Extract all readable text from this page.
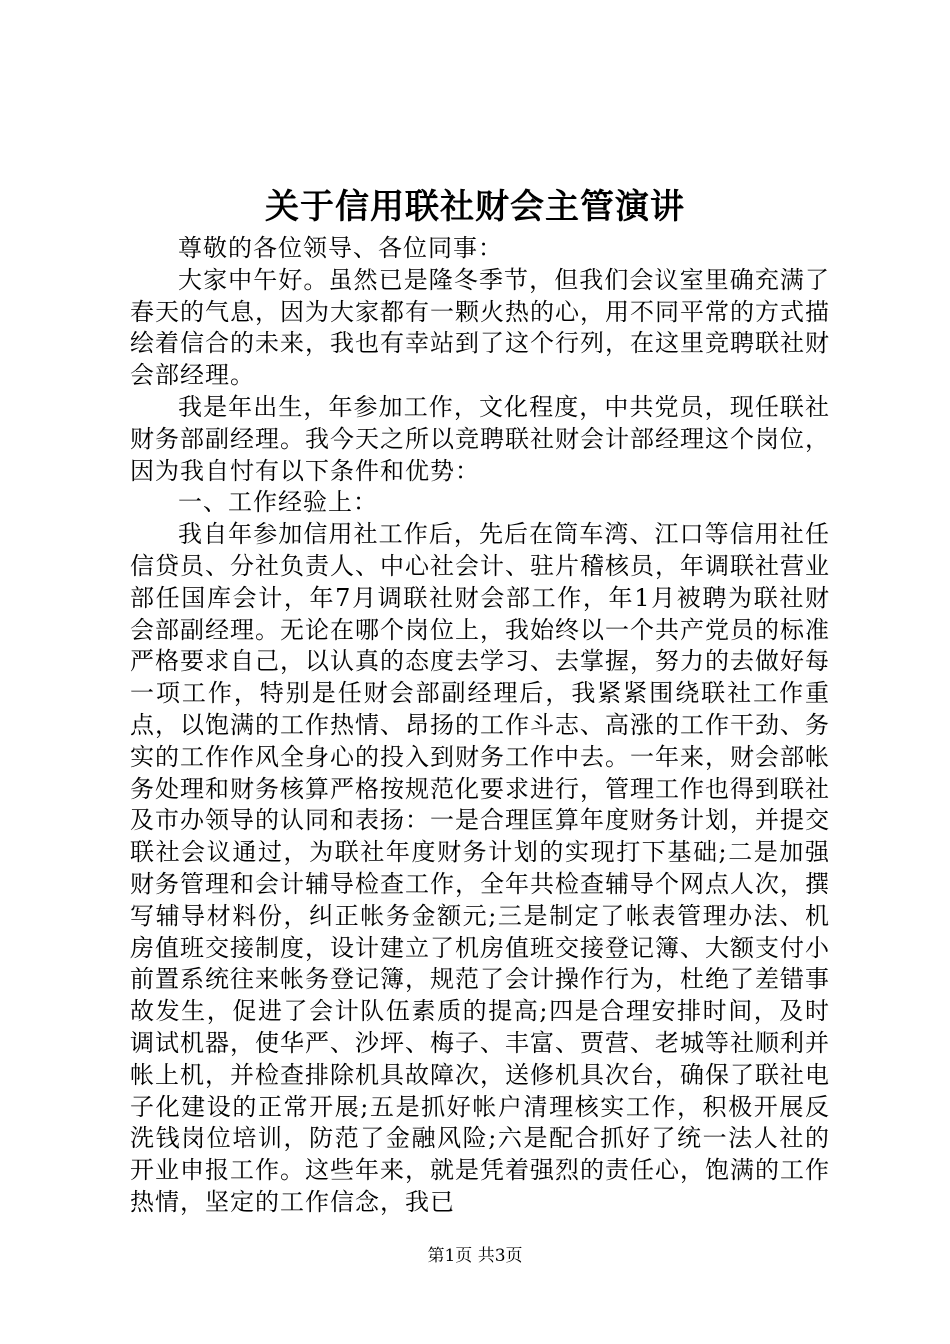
关于信用联社财会主管演讲

尊敬的各位领导、各位同事：

大家中午好。虽然已是隆冬季节，但我们会议室里确充满了春天的气息，因为大家都有一颗火热的心，用不同平常的方式描绘着信合的未来，我也有幸站到了这个行列，在这里竞聘联社财会部经理。

我是年出生，年参加工作，文化程度，中共党员，现任联社财务部副经理。我今天之所以竞聘联社财会计部经理这个岗位，因为我自忖有以下条件和优势：

一、工作经验上：

我自年参加信用社工作后，先后在筒车湾、江口等信用社任信贷员、分社负责人、中心社会计、驻片稽核员，年调联社营业部任国库会计，年7月调联社财会部工作，年1月被聘为联社财会部副经理。无论在哪个岗位上，我始终以一个共产党员的标准严格要求自己，以认真的态度去学习、去掌握，努力的去做好每一项工作，特别是任财会部副经理后，我紧紧围绕联社工作重点，以饱满的工作热情、昂扬的工作斗志、高涨的工作干劲、务实的工作作风全身心的投入到财务工作中去。一年来，财会部帐务处理和财务核算严格按规范化要求进行，管理工作也得到联社及市办领导的认同和表扬：一是合理匡算年度财务计划，并提交联社会议通过，为联社年度财务计划的实现打下基础;二是加强财务管理和会计辅导检查工作，全年共检查辅导个网点人次，撰写辅导材料份，纠正帐务金额元;三是制定了帐表管理办法、机房值班交接制度，设计建立了机房值班交接登记簿、大额支付小前置系统往来帐务登记簿，规范了会计操作行为，杜绝了差错事故发生，促进了会计队伍素质的提高;四是合理安排时间，及时调试机器，使华严、沙坪、梅子、丰富、贾营、老城等社顺利并帐上机，并检查排除机具故障次，送修机具次台，确保了联社电子化建设的正常开展;五是抓好帐户清理核实工作，积极开展反洗钱岗位培训，防范了金融风险;六是配合抓好了统一法人社的开业申报工作。这些年来，就是凭着强烈的责任心，饱满的工作热情，坚定的工作信念，我已

第1页 共3页
